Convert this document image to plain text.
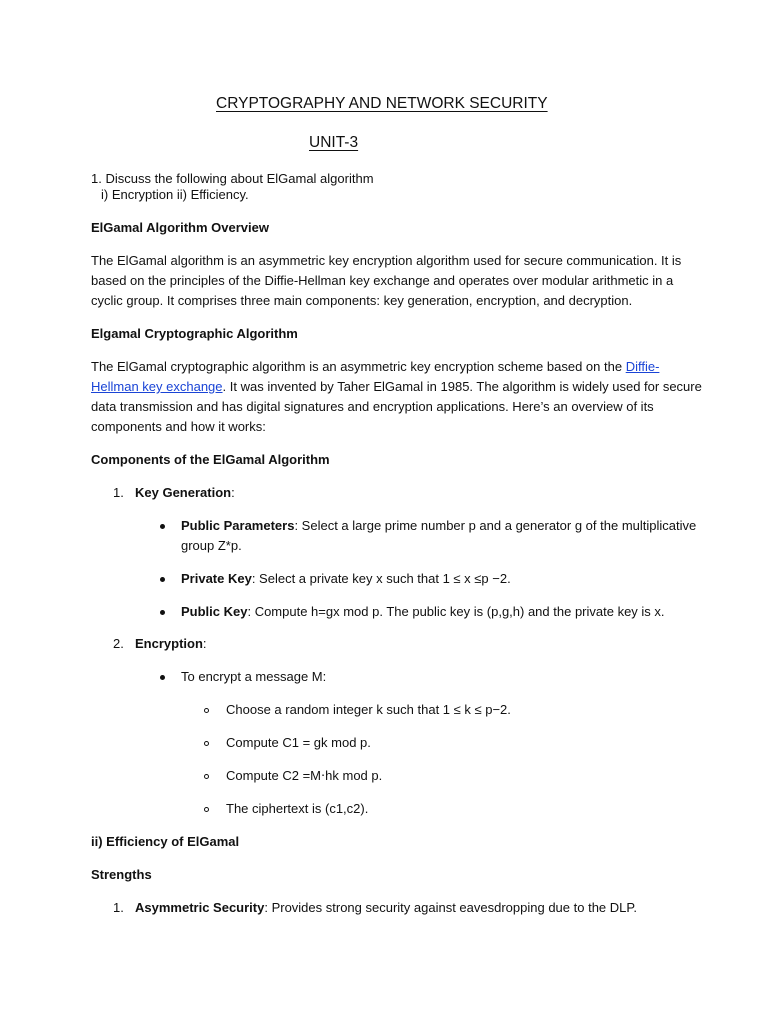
CRYPTOGRAPHY AND NETWORK SECURITY
UNIT-3
1. Discuss the following about ElGamal algorithm
i) Encryption ii) Efficiency.
ElGamal Algorithm Overview
The ElGamal algorithm is an asymmetric key encryption algorithm used for secure communication. It is
based on the principles of the Diffie-Hellman key exchange and operates over modular arithmetic in a
cyclic group. It comprises three main components: key generation, encryption, and decryption.
Elgamal Cryptographic Algorithm
The ElGamal cryptographic algorithm is an asymmetric key encryption scheme based on the Diffie-
Hellman key exchange. It was invented by Taher ElGamal in 1985. The algorithm is widely used for secure
data transmission and has digital signatures and encryption applications. Here’s an overview of its
components and how it works:
Components of the ElGamal Algorithm
1. Key Generation:
Public Parameters: Select a large prime number p and a generator g of the multiplicative
group Z*p.
Private Key: Select a private key x such that 1 ≤ x ≤p −2.
Public Key: Compute h=gx mod p. The public key is (p,g,h) and the private key is x.
2. Encryption:
To encrypt a message M:
Choose a random integer k such that 1 ≤ k ≤ p−2.
Compute C1 = gk mod p.
Compute C2 =M⋅hk mod p.
The ciphertext is (c1,c2).
ii) Efficiency of ElGamal
Strengths
1. Asymmetric Security: Provides strong security against eavesdropping due to the DLP.
